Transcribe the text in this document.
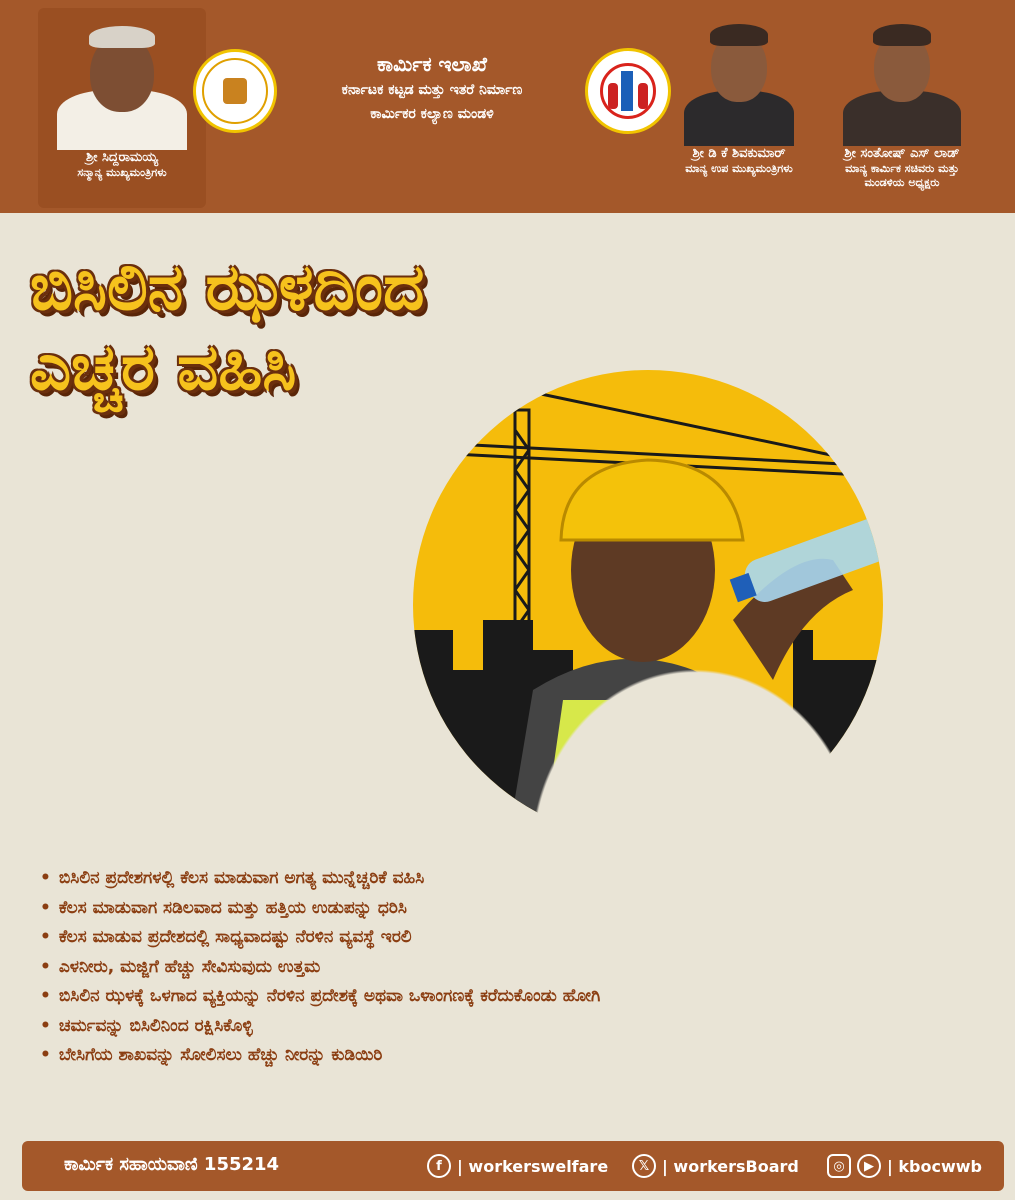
ಶ್ರೀ ಸಿದ್ದರಾಮಯ್ಯ
ಸನ್ಮಾನ್ಯ ಮುಖ್ಯಮಂತ್ರಿಗಳು
ಕಾರ್ಮಿಕ ಇಲಾಖೆ
ಕರ್ನಾಟಕ ಕಟ್ಟಡ ಮತ್ತು ಇತರೆ ನಿರ್ಮಾಣ
ಕಾರ್ಮಿಕರ ಕಲ್ಯಾಣ ಮಂಡಳಿ
ಶ್ರೀ ಡಿ ಕೆ ಶಿವಕುಮಾರ್
ಮಾನ್ಯ ಉಪ ಮುಖ್ಯಮಂತ್ರಿಗಳು
ಶ್ರೀ ಸಂತೋಷ್ ಎಸ್ ಲಾಡ್
ಮಾನ್ಯ ಕಾರ್ಮಿಕ ಸಚಿವರು ಮತ್ತು
ಮಂಡಳಿಯ ಅಧ್ಯಕ್ಷರು
ಬಿಸಿಲಿನ ಝಳದಿಂದ
ಎಚ್ಚರ ವಹಿಸಿ
• ಬಿಸಿಲಿನ ಪ್ರದೇಶಗಳಲ್ಲಿ ಕೆಲಸ ಮಾಡುವಾಗ ಅಗತ್ಯ ಮುನ್ನೆಚ್ಚರಿಕೆ ವಹಿಸಿ
• ಕೆಲಸ ಮಾಡುವಾಗ ಸಡಿಲವಾದ ಮತ್ತು ಹತ್ತಿಯ ಉಡುಪನ್ನು ಧರಿಸಿ
• ಕೆಲಸ ಮಾಡುವ ಪ್ರದೇಶದಲ್ಲಿ ಸಾಧ್ಯವಾದಷ್ಟು ನೆರಳಿನ ವ್ಯವಸ್ಥೆ ಇರಲಿ
• ಎಳನೀರು, ಮಜ್ಜಿಗೆ ಹೆಚ್ಚು ಸೇವಿಸುವುದು ಉತ್ತಮ
• ಬಿಸಿಲಿನ ಝಳಕ್ಕೆ ಒಳಗಾದ ವ್ಯಕ್ತಿಯನ್ನು ನೆರಳಿನ ಪ್ರದೇಶಕ್ಕೆ ಅಥವಾ ಒಳಾಂಗಣಕ್ಕೆ ಕರೆದುಕೊಂಡು ಹೋಗಿ
• ಚರ್ಮವನ್ನು ಬಿಸಿಲಿನಿಂದ ರಕ್ಷಿಸಿಕೊಳ್ಳಿ
• ಬೇಸಿಗೆಯ ಶಾಖವನ್ನು ಸೋಲಿಸಲು ಹೆಚ್ಚು ನೀರನ್ನು ಕುಡಿಯಿರಿ
ಕಾರ್ಮಿಕ ಸಹಾಯವಾಣಿ 155214	f | workerswelfare	𝕏 | workersBoard	◎	▶ | kbocwwb
